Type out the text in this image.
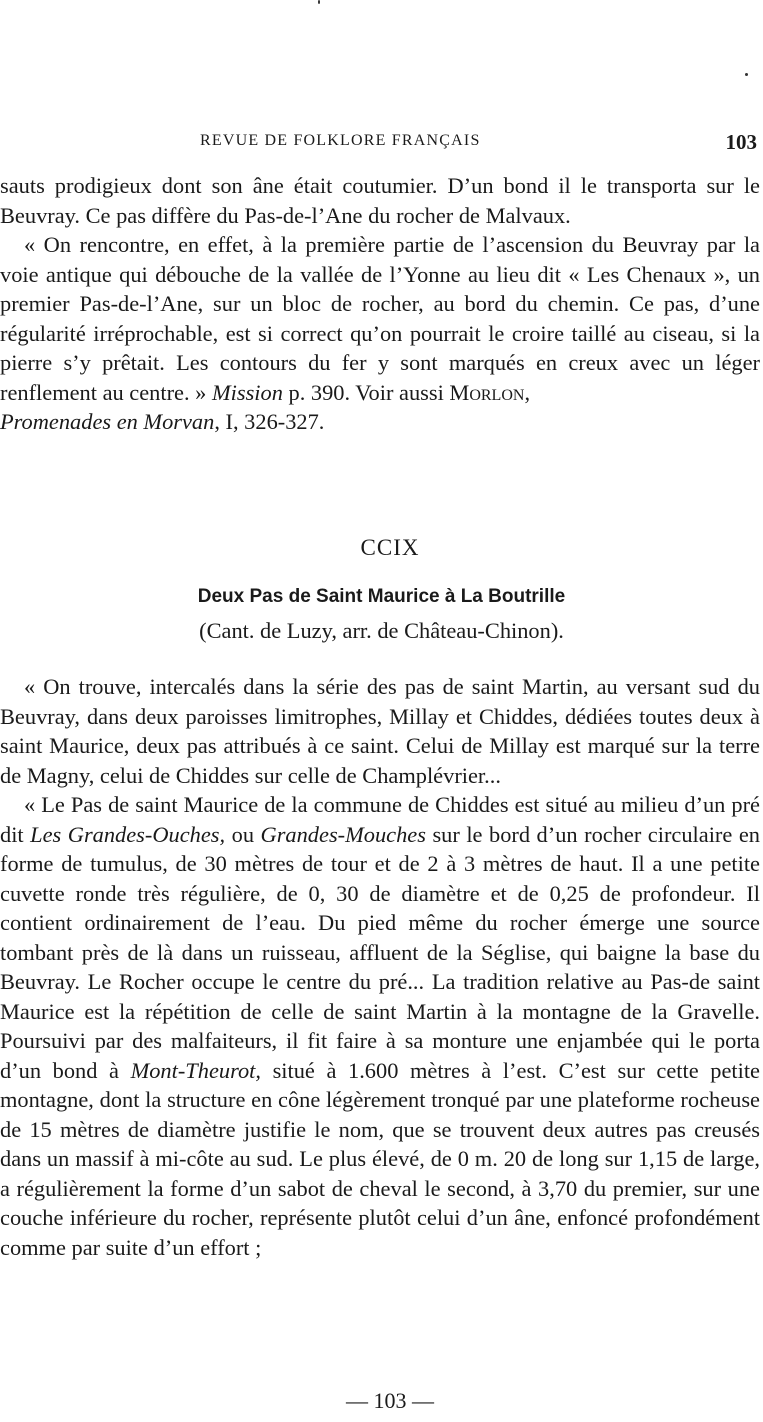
REVUE DE FOLKLORE FRANÇAIS	103

sauts prodigieux dont son âne était coutumier. D’un bond il le transporta sur le Beuvray. Ce pas diffère du Pas-de-l’Ane du rocher de Malvaux.

« On rencontre, en effet, à la première partie de l’ascension du Beuvray par la voie antique qui débouche de la vallée de l’Yonne au lieu dit « Les Chenaux », un premier Pas-de-l’Ane, sur un bloc de rocher, au bord du chemin. Ce pas, d’une régularité irréprochable, est si correct qu’on pourrait le croire taillé au ciseau, si la pierre s’y prêtait. Les contours du fer y sont marqués en creux avec un léger renflement au centre. » Mission p. 390. Voir aussi Morlon,
Promenades en Morvan, I, 326-327.

CCIX
Deux Pas de Saint Maurice à La Boutrille
(Cant. de Luzy, arr. de Château-Chinon).

« On trouve, intercalés dans la série des pas de saint Martin, au versant sud du Beuvray, dans deux paroisses limitrophes, Millay et Chiddes, dédiées toutes deux à saint Maurice, deux pas attribués à ce saint. Celui de Millay est marqué sur la terre de Magny, celui de Chiddes sur celle de Champlévrier...

« Le Pas de saint Maurice de la commune de Chiddes est situé au milieu d’un pré dit Les Grandes-Ouches, ou Grandes-Mouches sur le bord d’un rocher circulaire en forme de tumulus, de 30 mètres de tour et de 2 à 3 mètres de haut. Il a une petite cuvette ronde très régulière, de 0, 30 de diamètre et de 0,25 de profondeur. Il contient ordinairement de l’eau. Du pied même du rocher émerge une source tombant près de là dans un ruisseau, affluent de la Séglise, qui baigne la base du Beuvray. Le Rocher occupe le centre du pré... La tradition relative au Pas-de saint Maurice est la répétition de celle de saint Martin à la montagne de la Gravelle. Poursuivi par des malfaiteurs, il fit faire à sa monture une enjambée qui le porta d’un bond à Mont-Theurot, situé à 1.600 mètres à l’est. C’est sur cette petite montagne, dont la structure en cône légèrement tronqué par une plateforme rocheuse de 15 mètres de diamètre justifie le nom, que se trouvent deux autres pas creusés dans un massif à mi-côte au sud. Le plus élevé, de 0 m. 20 de long sur 1,15 de large, a régulièrement la forme d’un sabot de cheval le second, à 3,70 du premier, sur une couche inférieure du rocher, représente plutôt celui d’un âne, enfoncé profondément comme par suite d’un effort ;

— 103 —
